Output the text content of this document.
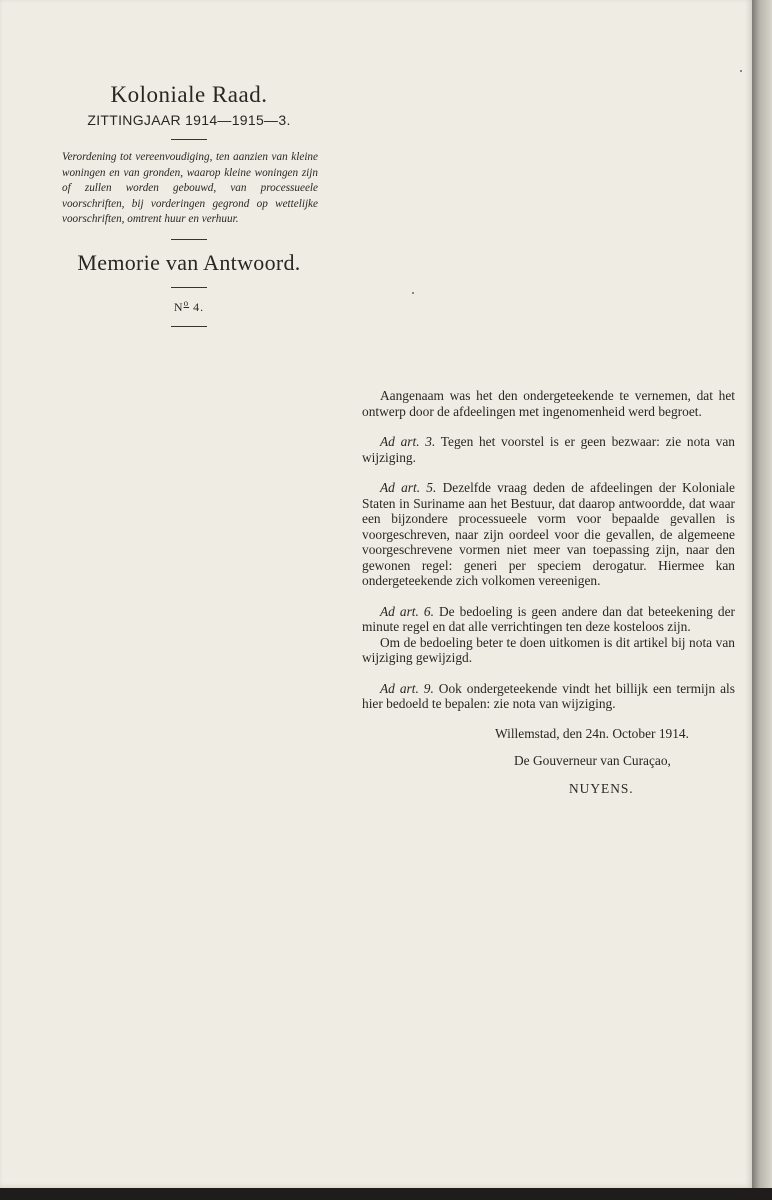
Koloniale Raad.
ZITTINGJAAR 1914—1915—3.
Verordening tot vereenvoudiging, ten aanzien van kleine woningen en van gronden, waarop kleine woningen zijn of zullen worden gebouwd, van processueele voorschriften, bij vorderingen gegrond op wettelijke voorschriften, omtrent huur en verhuur.
Memorie van Antwoord.
$N^o$ 4.

Aangenaam was het den ondergeteekende te vernemen, dat het ontwerp door de afdeelingen met ingenomenheid werd begroet.

Ad art. 3. Tegen het voorstel is er geen bezwaar: zie nota van wijziging.

Ad art. 5. Dezelfde vraag deden de afdeelingen der Koloniale Staten in Suriname aan het Bestuur, dat daarop antwoordde, dat waar een bijzondere processueele vorm voor bepaalde gevallen is voorgeschreven, naar zijn oordeel voor die gevallen, de algemeene voorgeschrevene vormen niet meer van toepassing zijn, naar den gewonen regel: generi per speciem derogatur. Hiermee kan ondergeteekende zich volkomen vereenigen.

Ad art. 6. De bedoeling is geen andere dan dat beteekening der minute regel en dat alle verrichtingen ten deze kosteloos zijn.

Om de bedoeling beter te doen uitkomen is dit artikel bij nota van wijziging gewijzigd.

Ad art. 9. Ook ondergeteekende vindt het billijk een termijn als hier bedoeld te bepalen: zie nota van wijziging.

Willemstad, den 24n. October 1914.
De Gouverneur van Curaçao,
NUYENS.
